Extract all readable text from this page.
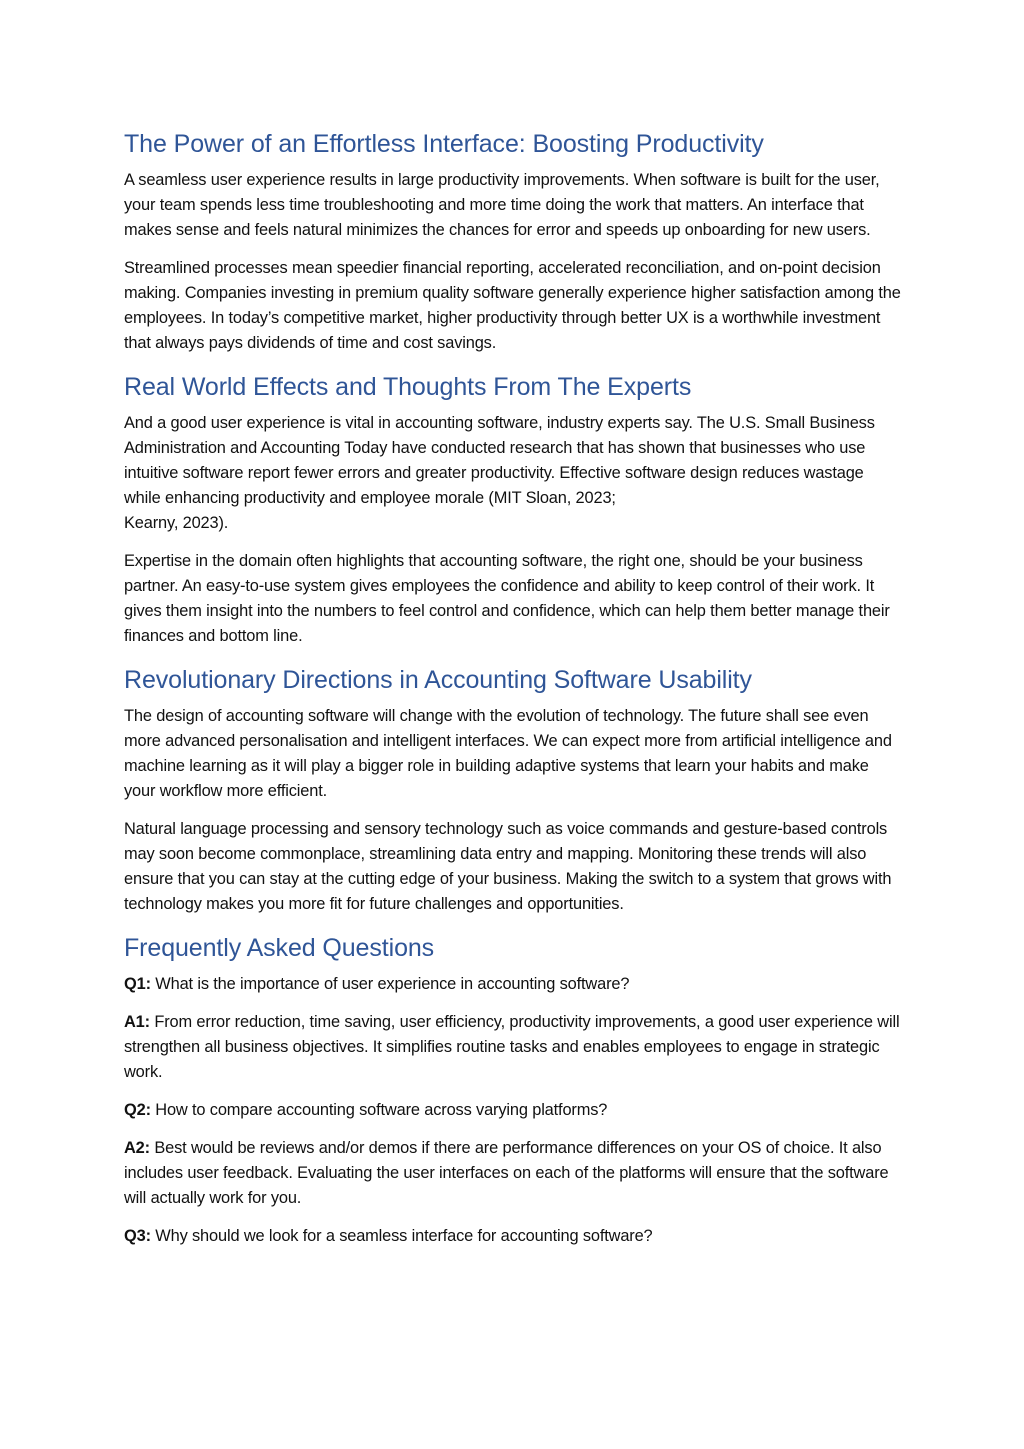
The Power of an Effortless Interface: Boosting Productivity

A seamless user experience results in large productivity improvements. When software is built for the user, your team spends less time troubleshooting and more time doing the work that matters. An interface that makes sense and feels natural minimizes the chances for error and speeds up onboarding for new users.

Streamlined processes mean speedier financial reporting, accelerated reconciliation, and on-point decision making. Companies investing in premium quality software generally experience higher satisfaction among the employees. In today’s competitive market, higher productivity through better UX is a worthwhile investment that always pays dividends of time and cost savings.

Real World Effects and Thoughts From The Experts

And a good user experience is vital in accounting software, industry experts say. The U.S. Small Business Administration and Accounting Today have conducted research that has shown that businesses who use intuitive software report fewer errors and greater productivity. Effective software design reduces wastage while enhancing productivity and employee morale (MIT Sloan, 2023;

Kearny, 2023).

Expertise in the domain often highlights that accounting software, the right one, should be your business partner. An easy-to-use system gives employees the confidence and ability to keep control of their work. It gives them insight into the numbers to feel control and confidence, which can help them better manage their finances and bottom line.

Revolutionary Directions in Accounting Software Usability

The design of accounting software will change with the evolution of technology. The future shall see even more advanced personalisation and intelligent interfaces. We can expect more from artificial intelligence and machine learning as it will play a bigger role in building adaptive systems that learn your habits and make your workflow more efficient.

Natural language processing and sensory technology such as voice commands and gesture-based controls may soon become commonplace, streamlining data entry and mapping. Monitoring these trends will also ensure that you can stay at the cutting edge of your business. Making the switch to a system that grows with technology makes you more fit for future challenges and opportunities.

Frequently Asked Questions

Q1: What is the importance of user experience in accounting software?

A1: From error reduction, time saving, user efficiency, productivity improvements, a good user experience will strengthen all business objectives. It simplifies routine tasks and enables employees to engage in strategic work.

Q2: How to compare accounting software across varying platforms?

A2: Best would be reviews and/or demos if there are performance differences on your OS of choice. It also includes user feedback. Evaluating the user interfaces on each of the platforms will ensure that the software will actually work for you.

Q3: Why should we look for a seamless interface for accounting software?
